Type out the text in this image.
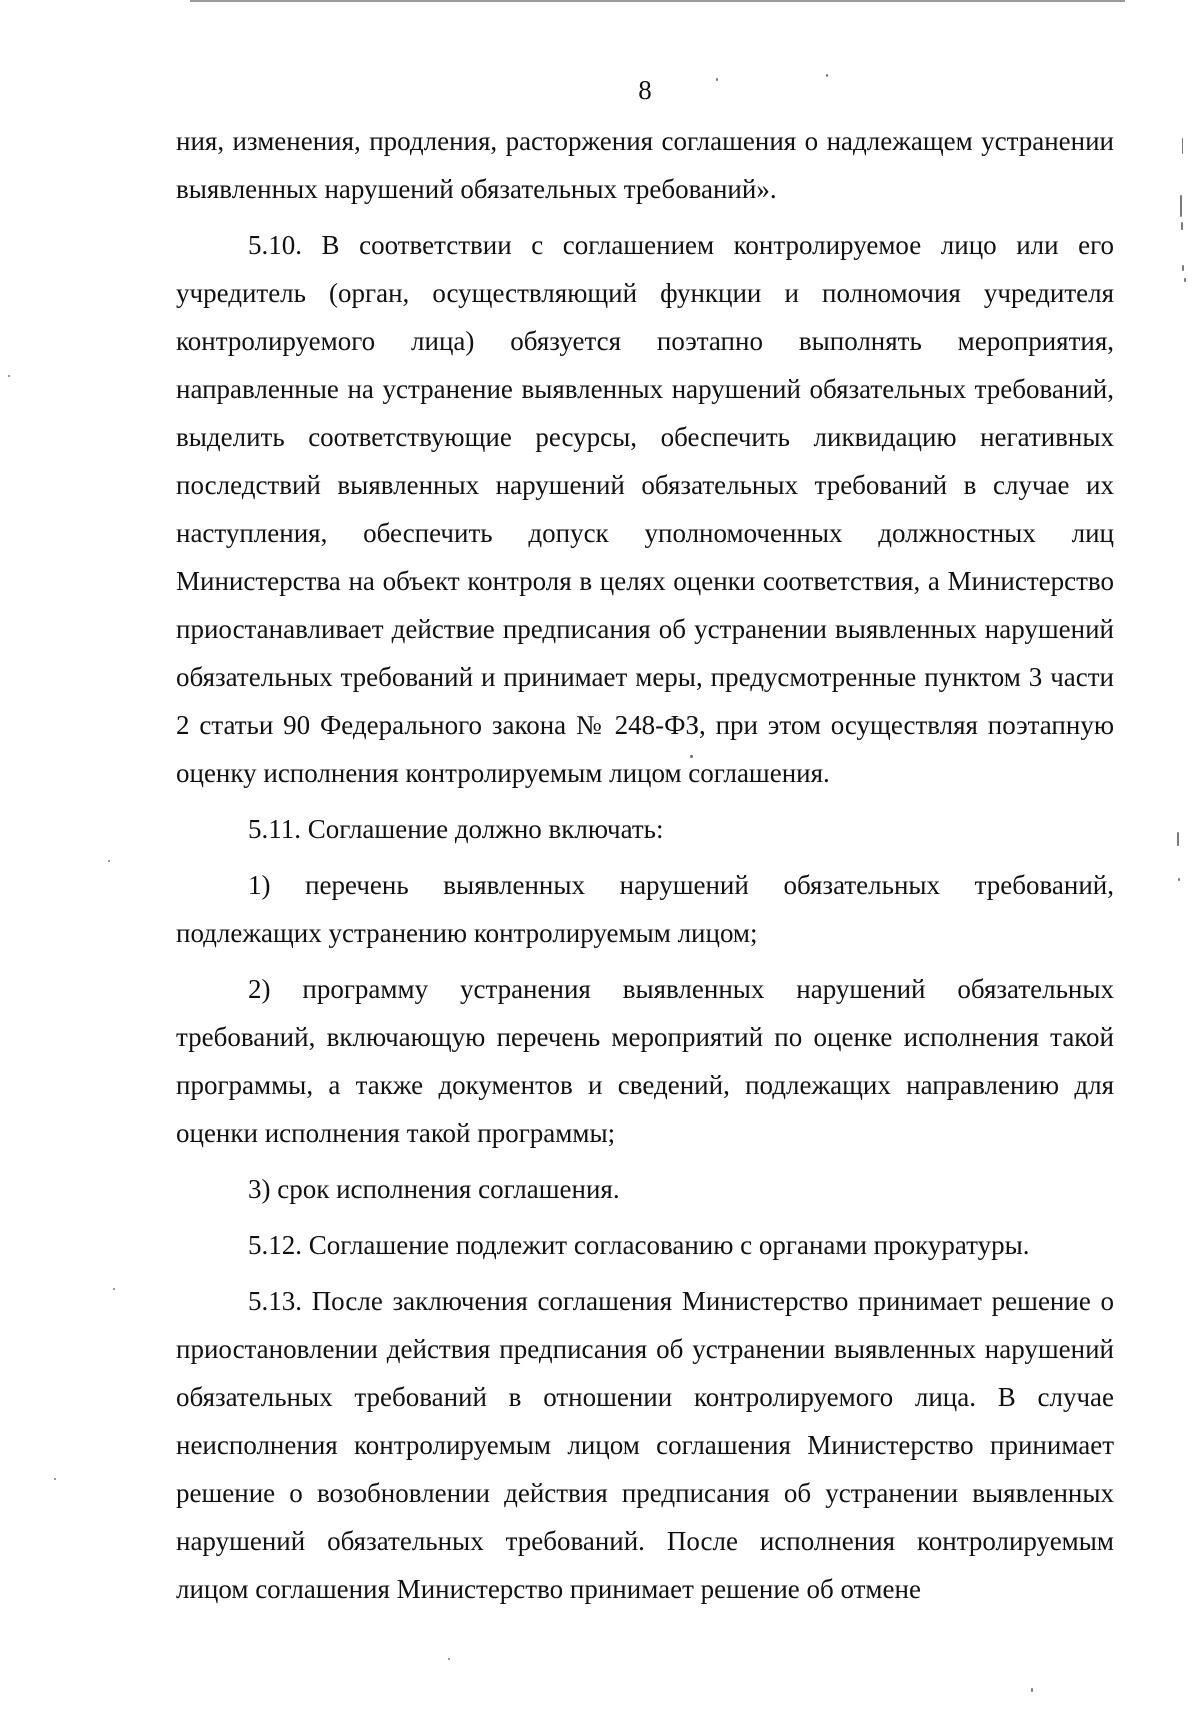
8

ния, изменения, продления, расторжения соглашения о надлежащем устранении выявленных нарушений обязательных требований».

5.10. В соответствии с соглашением контролируемое лицо или его учредитель (орган, осуществляющий функции и полномочия учредителя контролируемого лица) обязуется поэтапно выполнять мероприятия, направленные на устранение выявленных нарушений обязательных требований, выделить соответствующие ресурсы, обеспечить ликвидацию негативных последствий выявленных нарушений обязательных требований в случае их наступления, обеспечить допуск уполномоченных должностных лиц Министерства на объект контроля в целях оценки соответствия, а Министерство приостанавливает действие предписания об устранении выявленных нарушений обязательных требований и принимает меры, предусмотренные пунктом 3 части 2 статьи 90 Федерального закона № 248-ФЗ, при этом осуществляя поэтапную оценку исполнения контролируемым лицом соглашения.

5.11. Соглашение должно включать:

1) перечень выявленных нарушений обязательных требований, подлежащих устранению контролируемым лицом;

2) программу устранения выявленных нарушений обязательных требований, включающую перечень мероприятий по оценке исполнения такой программы, а также документов и сведений, подлежащих направлению для оценки исполнения такой программы;

3) срок исполнения соглашения.

5.12. Соглашение подлежит согласованию с органами прокуратуры.

5.13. После заключения соглашения Министерство принимает решение о приостановлении действия предписания об устранении выявленных нарушений обязательных требований в отношении контролируемого лица. В случае неисполнения контролируемым лицом соглашения Министерство принимает решение о возобновлении действия предписания об устранении выявленных нарушений обязательных требований. После исполнения контролируемым лицом соглашения Министерство принимает решение об отмене
